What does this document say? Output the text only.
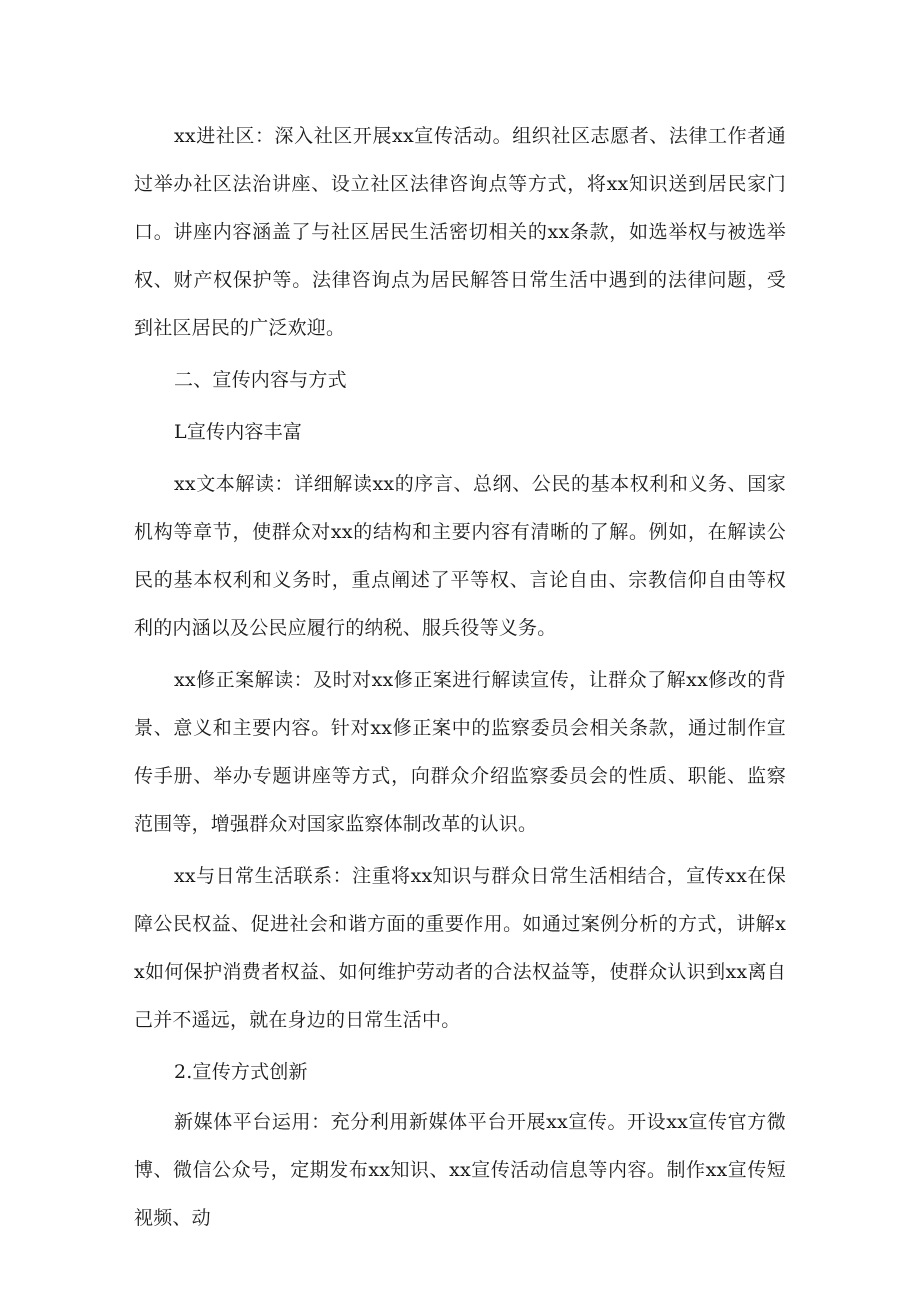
xx进社区：深入社区开展xx宣传活动。组织社区志愿者、法律工作者通过举办社区法治讲座、设立社区法律咨询点等方式，将xx知识送到居民家门口。讲座内容涵盖了与社区居民生活密切相关的xx条款，如选举权与被选举权、财产权保护等。法律咨询点为居民解答日常生活中遇到的法律问题，受到社区居民的广泛欢迎。

二、宣传内容与方式

L宣传内容丰富

xx文本解读：详细解读xx的序言、总纲、公民的基本权利和义务、国家机构等章节，使群众对xx的结构和主要内容有清晰的了解。例如，在解读公民的基本权利和义务时，重点阐述了平等权、言论自由、宗教信仰自由等权利的内涵以及公民应履行的纳税、服兵役等义务。

xx修正案解读：及时对xx修正案进行解读宣传，让群众了解xx修改的背景、意义和主要内容。针对xx修正案中的监察委员会相关条款，通过制作宣传手册、举办专题讲座等方式，向群众介绍监察委员会的性质、职能、监察范围等，增强群众对国家监察体制改革的认识。

xx与日常生活联系：注重将xx知识与群众日常生活相结合，宣传xx在保障公民权益、促进社会和谐方面的重要作用。如通过案例分析的方式，讲解xx如何保护消费者权益、如何维护劳动者的合法权益等，使群众认识到xx离自己并不遥远，就在身边的日常生活中。

2.宣传方式创新

新媒体平台运用：充分利用新媒体平台开展xx宣传。开设xx宣传官方微博、微信公众号，定期发布xx知识、xx宣传活动信息等内容。制作xx宣传短视频、动
